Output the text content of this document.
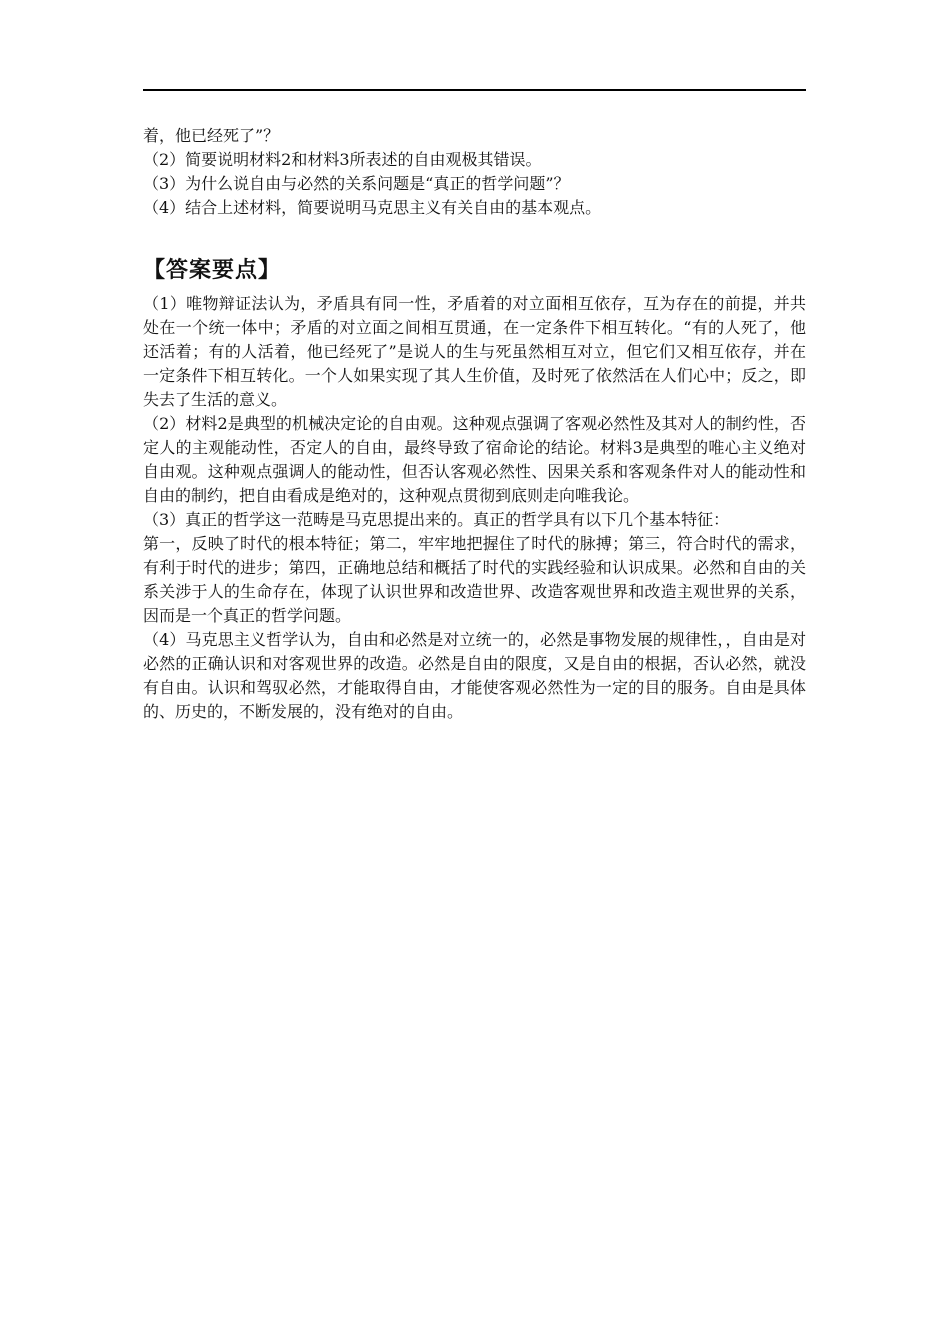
着，他已经死了”？

（2）简要说明材料2和材料3所表述的自由观极其错误。

（3）为什么说自由与必然的关系问题是“真正的哲学问题”？

（4）结合上述材料，简要说明马克思主义有关自由的基本观点。

【答案要点】

（1）唯物辩证法认为，矛盾具有同一性，矛盾着的对立面相互依存，互为存在的前提，并共处在一个统一体中；矛盾的对立面之间相互贯通，在一定条件下相互转化。“有的人死了，他还活着；有的人活着，他已经死了”是说人的生与死虽然相互对立，但它们又相互依存，并在一定条件下相互转化。一个人如果实现了其人生价值，及时死了依然活在人们心中；反之，即失去了生活的意义。

（2）材料2是典型的机械决定论的自由观。这种观点强调了客观必然性及其对人的制约性，否定人的主观能动性，否定人的自由，最终导致了宿命论的结论。材料3是典型的唯心主义绝对自由观。这种观点强调人的能动性，但否认客观必然性、因果关系和客观条件对人的能动性和自由的制约，把自由看成是绝对的，这种观点贯彻到底则走向唯我论。

（3）真正的哲学这一范畴是马克思提出来的。真正的哲学具有以下几个基本特征：

第一，反映了时代的根本特征；第二，牢牢地把握住了时代的脉搏；第三，符合时代的需求，有利于时代的进步；第四，正确地总结和概括了时代的实践经验和认识成果。必然和自由的关系关涉于人的生命存在，体现了认识世界和改造世界、改造客观世界和改造主观世界的关系，因而是一个真正的哲学问题。

（4）马克思主义哲学认为，自由和必然是对立统一的，必然是事物发展的规律性，，自由是对必然的正确认识和对客观世界的改造。必然是自由的限度，又是自由的根据，否认必然，就没有自由。认识和驾驭必然，才能取得自由，才能使客观必然性为一定的目的服务。自由是具体的、历史的，不断发展的，没有绝对的自由。
